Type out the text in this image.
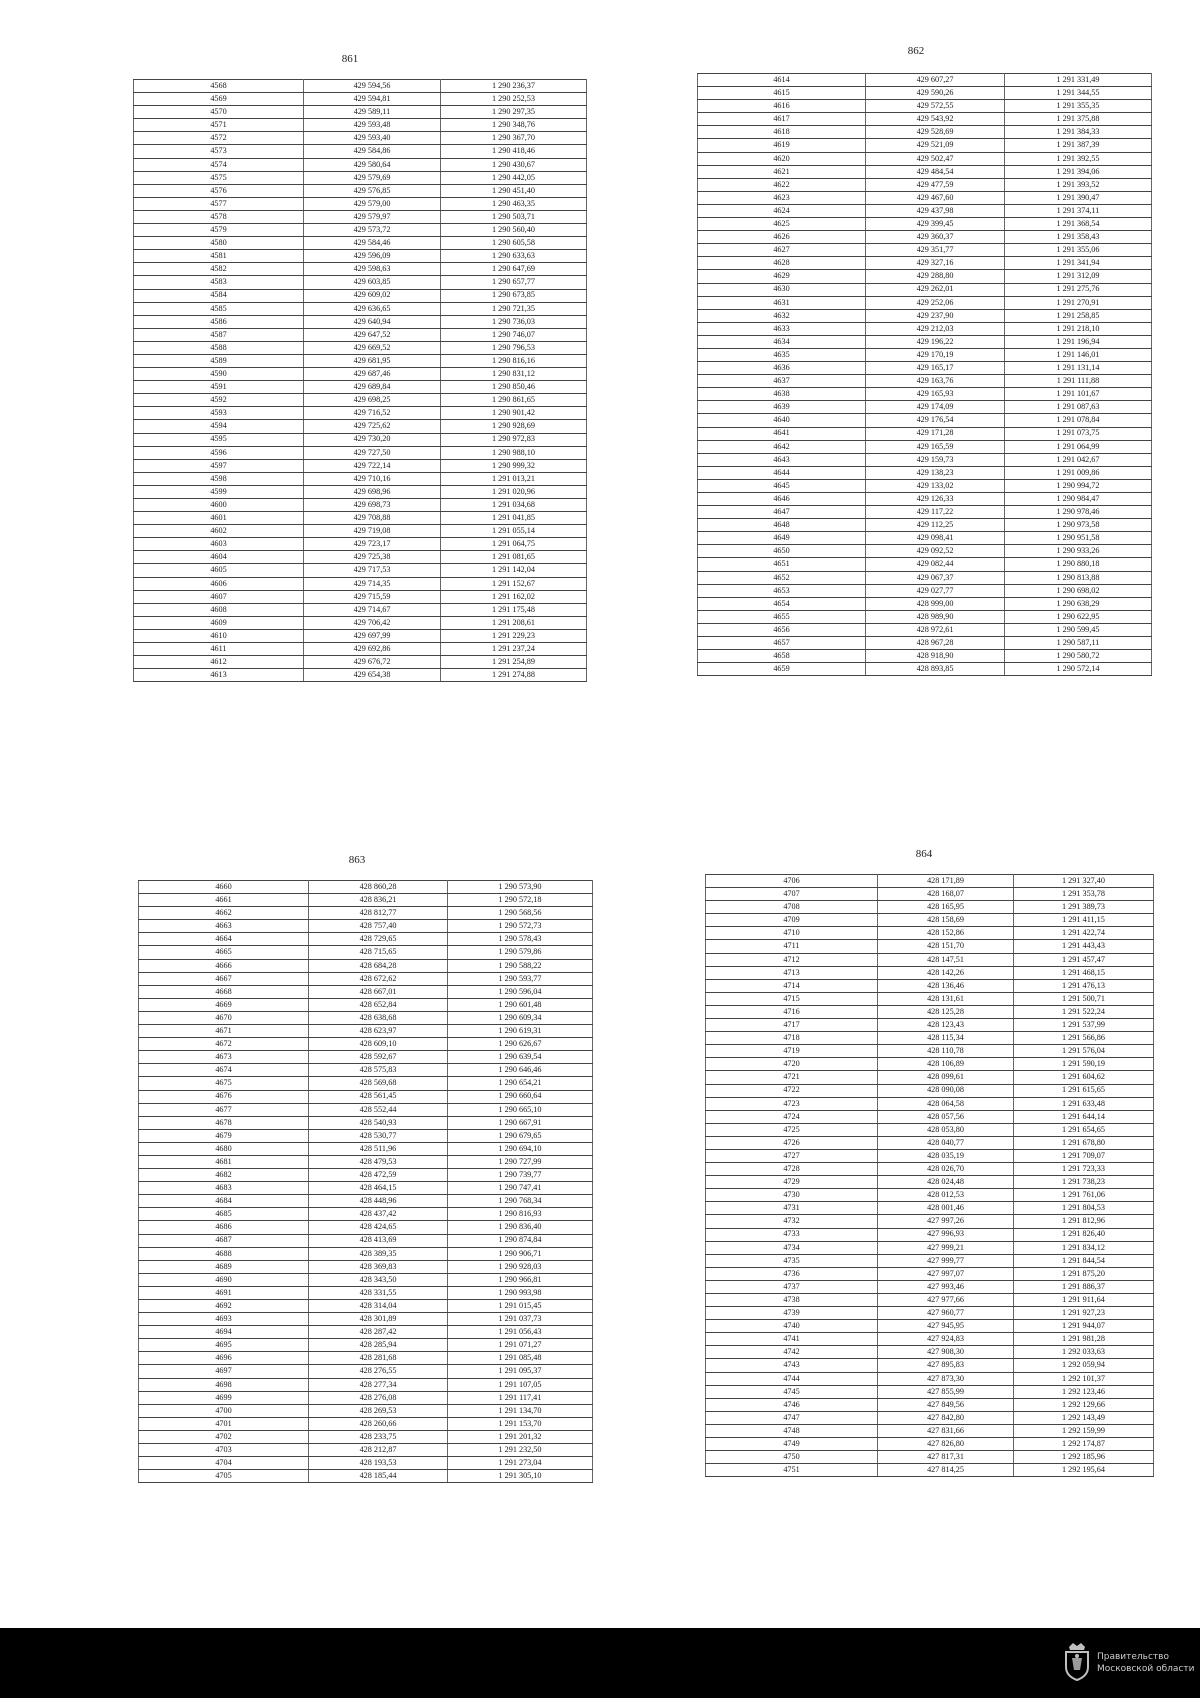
861
4568	429 594,56	1 290 236,37
4569	429 594,81	1 290 252,53
4570	429 589,11	1 290 297,35
4571	429 593,48	1 290 348,76
4572	429 593,40	1 290 367,70
4573	429 584,86	1 290 418,46
4574	429 580,64	1 290 430,67
4575	429 579,69	1 290 442,05
4576	429 576,85	1 290 451,40
4577	429 579,00	1 290 463,35
4578	429 579,97	1 290 503,71
4579	429 573,72	1 290 560,40
4580	429 584,46	1 290 605,58
4581	429 596,09	1 290 633,63
4582	429 598,63	1 290 647,69
4583	429 603,85	1 290 657,77
4584	429 609,02	1 290 673,85
4585	429 636,65	1 290 721,35
4586	429 640,94	1 290 736,03
4587	429 647,52	1 290 746,07
4588	429 669,52	1 290 796,53
4589	429 681,95	1 290 816,16
4590	429 687,46	1 290 831,12
4591	429 689,84	1 290 850,46
4592	429 698,25	1 290 861,65
4593	429 716,52	1 290 901,42
4594	429 725,62	1 290 928,69
4595	429 730,20	1 290 972,83
4596	429 727,50	1 290 988,10
4597	429 722,14	1 290 999,32
4598	429 710,16	1 291 013,21
4599	429 698,96	1 291 020,96
4600	429 698,73	1 291 034,68
4601	429 708,88	1 291 041,85
4602	429 719,08	1 291 055,14
4603	429 723,17	1 291 064,75
4604	429 725,38	1 291 081,65
4605	429 717,53	1 291 142,04
4606	429 714,35	1 291 152,67
4607	429 715,59	1 291 162,02
4608	429 714,67	1 291 175,48
4609	429 706,42	1 291 208,61
4610	429 697,99	1 291 229,23
4611	429 692,86	1 291 237,24
4612	429 676,72	1 291 254,89
4613	429 654,38	1 291 274,88
862
4614	429 607,27	1 291 331,49
4615	429 590,26	1 291 344,55
4616	429 572,55	1 291 355,35
4617	429 543,92	1 291 375,88
4618	429 528,69	1 291 384,33
4619	429 521,09	1 291 387,39
4620	429 502,47	1 291 392,55
4621	429 484,54	1 291 394,06
4622	429 477,59	1 291 393,52
4623	429 467,60	1 291 390,47
4624	429 437,98	1 291 374,11
4625	429 399,45	1 291 368,54
4626	429 360,37	1 291 358,43
4627	429 351,77	1 291 355,06
4628	429 327,16	1 291 341,94
4629	429 288,80	1 291 312,09
4630	429 262,01	1 291 275,76
4631	429 252,06	1 291 270,91
4632	429 237,90	1 291 258,85
4633	429 212,03	1 291 218,10
4634	429 196,22	1 291 196,94
4635	429 170,19	1 291 146,01
4636	429 165,17	1 291 131,14
4637	429 163,76	1 291 111,88
4638	429 165,93	1 291 101,67
4639	429 174,09	1 291 087,63
4640	429 176,54	1 291 078,84
4641	429 171,28	1 291 073,75
4642	429 165,59	1 291 064,99
4643	429 159,73	1 291 042,67
4644	429 138,23	1 291 009,86
4645	429 133,02	1 290 994,72
4646	429 126,33	1 290 984,47
4647	429 117,22	1 290 978,46
4648	429 112,25	1 290 973,58
4649	429 098,41	1 290 951,58
4650	429 092,52	1 290 933,26
4651	429 082,44	1 290 880,18
4652	429 067,37	1 290 813,88
4653	429 027,77	1 290 698,02
4654	428 999,00	1 290 638,29
4655	428 989,90	1 290 622,95
4656	428 972,61	1 290 599,45
4657	428 967,28	1 290 587,11
4658	428 918,90	1 290 580,72
4659	428 893,85	1 290 572,14
863
4660	428 860,28	1 290 573,90
4661	428 836,21	1 290 572,18
4662	428 812,77	1 290 568,56
4663	428 757,40	1 290 572,73
4664	428 729,65	1 290 578,43
4665	428 715,65	1 290 579,86
4666	428 684,28	1 290 588,22
4667	428 672,62	1 290 593,77
4668	428 667,01	1 290 596,04
4669	428 652,84	1 290 601,48
4670	428 638,68	1 290 609,34
4671	428 623,97	1 290 619,31
4672	428 609,10	1 290 626,67
4673	428 592,67	1 290 639,54
4674	428 575,83	1 290 646,46
4675	428 569,68	1 290 654,21
4676	428 561,45	1 290 660,64
4677	428 552,44	1 290 665,10
4678	428 540,93	1 290 667,91
4679	428 530,77	1 290 679,65
4680	428 511,96	1 290 694,10
4681	428 479,53	1 290 727,99
4682	428 472,59	1 290 739,77
4683	428 464,15	1 290 747,41
4684	428 448,96	1 290 768,34
4685	428 437,42	1 290 816,93
4686	428 424,65	1 290 836,40
4687	428 413,69	1 290 874,84
4688	428 389,35	1 290 906,71
4689	428 369,83	1 290 928,03
4690	428 343,50	1 290 966,81
4691	428 331,55	1 290 993,98
4692	428 314,04	1 291 015,45
4693	428 301,89	1 291 037,73
4694	428 287,42	1 291 056,43
4695	428 285,94	1 291 071,27
4696	428 281,68	1 291 085,48
4697	428 276,55	1 291 095,37
4698	428 277,34	1 291 107,05
4699	428 276,08	1 291 117,41
4700	428 269,53	1 291 134,70
4701	428 260,66	1 291 153,70
4702	428 233,75	1 291 201,32
4703	428 212,87	1 291 232,50
4704	428 193,53	1 291 273,04
4705	428 185,44	1 291 305,10
864
4706	428 171,89	1 291 327,40
4707	428 168,07	1 291 353,78
4708	428 165,95	1 291 389,73
4709	428 158,69	1 291 411,15
4710	428 152,86	1 291 422,74
4711	428 151,70	1 291 443,43
4712	428 147,51	1 291 457,47
4713	428 142,26	1 291 468,15
4714	428 136,46	1 291 476,13
4715	428 131,61	1 291 500,71
4716	428 125,28	1 291 522,24
4717	428 123,43	1 291 537,99
4718	428 115,34	1 291 566,86
4719	428 110,78	1 291 576,04
4720	428 106,89	1 291 590,19
4721	428 099,61	1 291 604,62
4722	428 090,08	1 291 615,65
4723	428 064,58	1 291 633,48
4724	428 057,56	1 291 644,14
4725	428 053,80	1 291 654,65
4726	428 040,77	1 291 678,80
4727	428 035,19	1 291 709,07
4728	428 026,70	1 291 723,33
4729	428 024,48	1 291 738,23
4730	428 012,53	1 291 761,06
4731	428 001,46	1 291 804,53
4732	427 997,26	1 291 812,96
4733	427 996,93	1 291 826,40
4734	427 999,21	1 291 834,12
4735	427 999,77	1 291 844,54
4736	427 997,07	1 291 875,20
4737	427 993,46	1 291 886,37
4738	427 977,66	1 291 911,64
4739	427 960,77	1 291 927,23
4740	427 945,95	1 291 944,07
4741	427 924,83	1 291 981,28
4742	427 908,30	1 292 033,63
4743	427 895,83	1 292 059,94
4744	427 873,30	1 292 101,37
4745	427 855,99	1 292 123,46
4746	427 849,56	1 292 129,66
4747	427 842,80	1 292 143,49
4748	427 831,66	1 292 159,99
4749	427 826,80	1 292 174,87
4750	427 817,31	1 292 185,96
4751	427 814,25	1 292 195,64
Правительство
Московской области
